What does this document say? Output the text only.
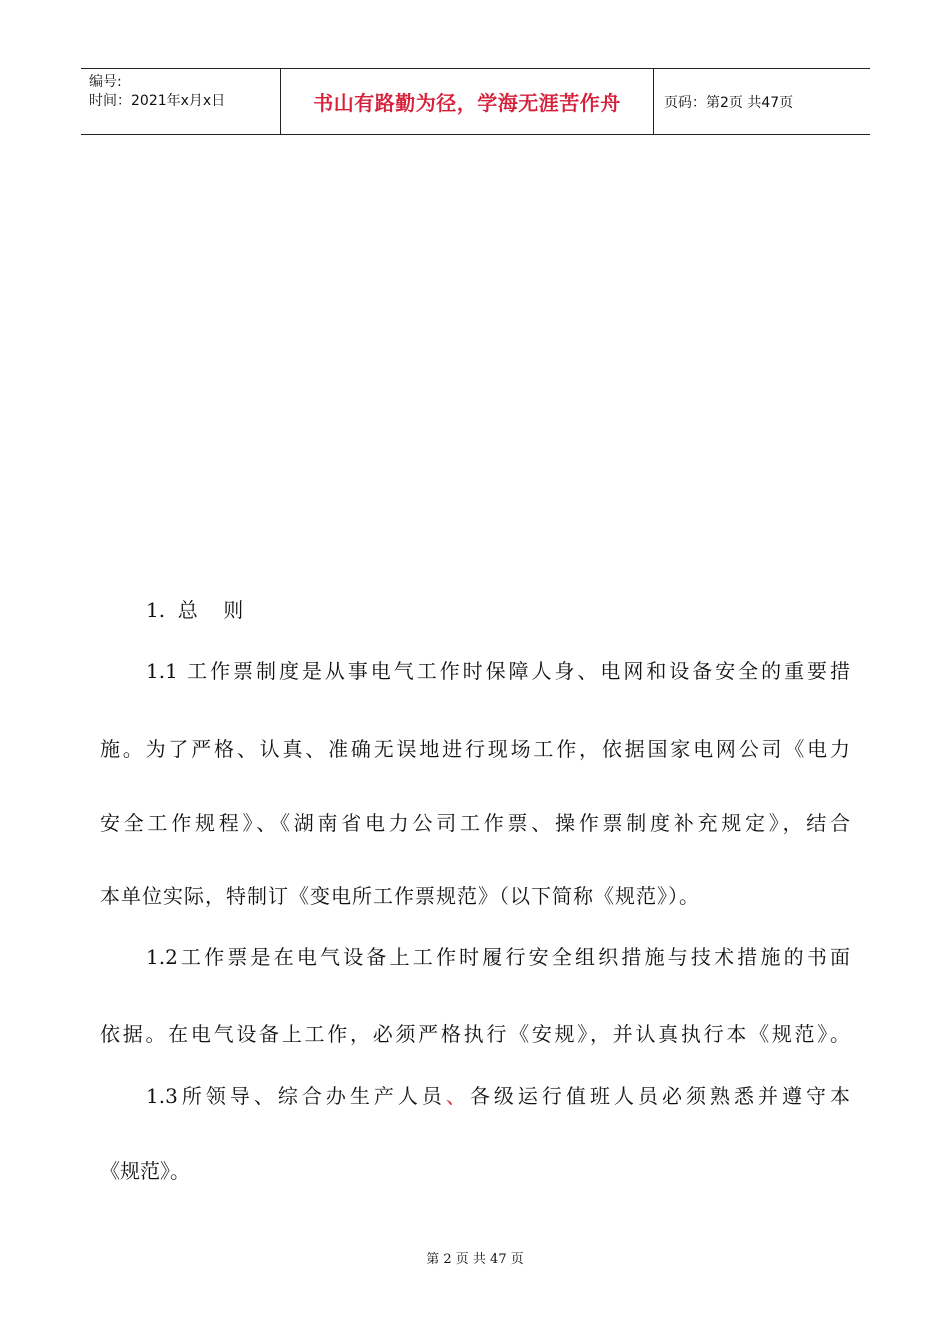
编号:
时间：2021年x月x日	书山有路勤为径，学海无涯苦作舟	页码：第2页 共47页
1.  总    则
1.1 工作票制度是从事电气工作时保障人身、电网和设备安全的重要措
施。为了严格、认真、准确无误地进行现场工作，依据国家电网公司《电力
安全工作规程》、《湖南省电力公司工作票、操作票制度补充规定》，结合
本单位实际，特制订《变电所工作票规范》（以下简称《规范》）。
1.2工作票是在电气设备上工作时履行安全组织措施与技术措施的书面
依据。在电气设备上工作，必须严格执行《安规》，并认真执行本《规范》。
1.3所领导、综合办生产人员、各级运行值班人员必须熟悉并遵守本
《规范》。
第 2 页 共 47 页
